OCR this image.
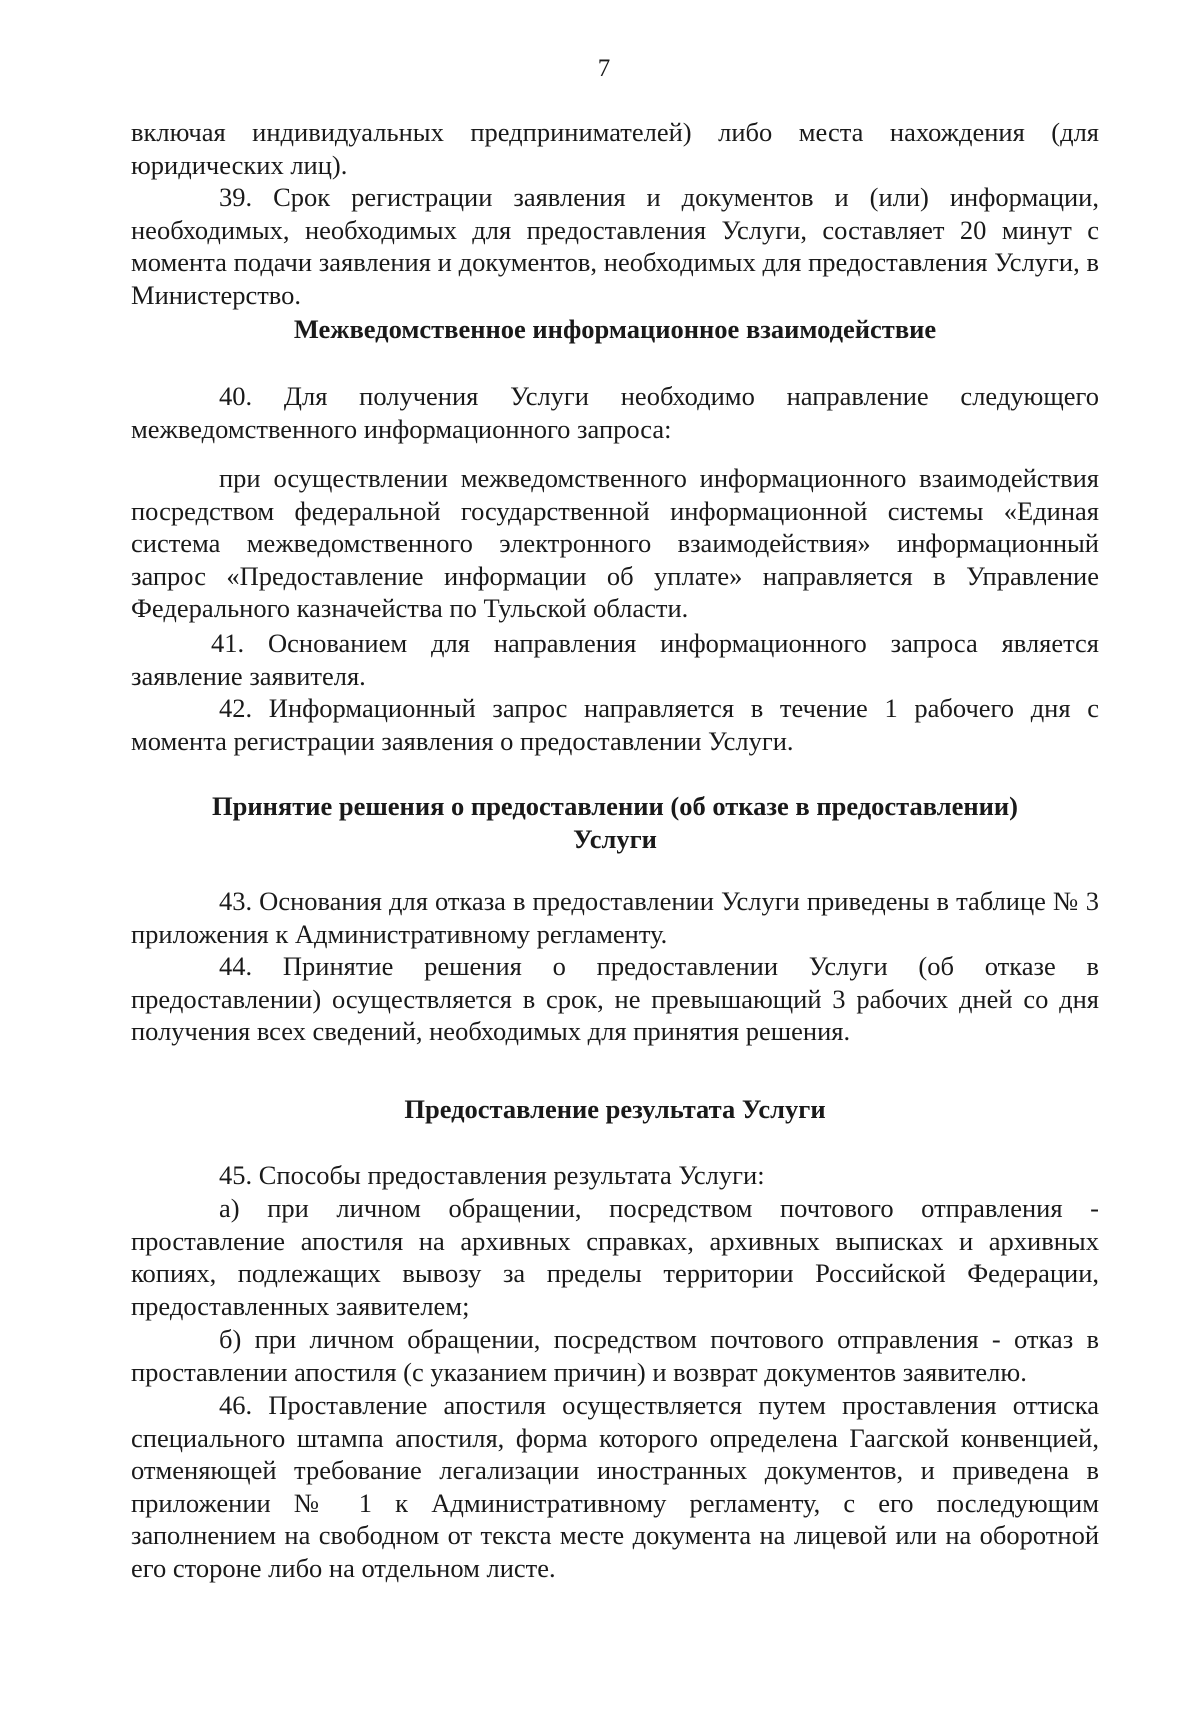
7

включая индивидуальных предпринимателей) либо места нахождения (для юридических лиц).

39. Срок регистрации заявления и документов и (или) информации, необходимых, необходимых для предоставления Услуги, составляет 20 минут с момента подачи заявления и документов, необходимых для предоставления Услуги, в Министерство.

Межведомственное информационное взаимодействие

40. Для получения Услуги необходимо направление следующего межведомственного информационного запроса:

при осуществлении межведомственного информационного взаимодействия посредством федеральной государственной информационной системы «Единая система межведомственного электронного взаимодействия» информационный запрос «Предоставление информации об уплате» направляется в Управление Федерального казначейства по Тульской области.

41. Основанием для направления информационного запроса является заявление заявителя.

42. Информационный запрос направляется в течение 1 рабочего дня с момента регистрации заявления о предоставлении Услуги.

Принятие решения о предоставлении (об отказе в предоставлении)

Услуги

43. Основания для отказа в предоставлении Услуги приведены в таблице № 3 приложения к Административному регламенту.

44. Принятие решения о предоставлении Услуги (об отказе в предоставлении) осуществляется в срок, не превышающий 3 рабочих дней со дня получения всех сведений, необходимых для принятия решения.

Предоставление результата Услуги

45. Способы предоставления результата Услуги:

а) при личном обращении, посредством почтового отправления - проставление апостиля на архивных справках, архивных выписках и архивных копиях, подлежащих вывозу за пределы территории Российской Федерации, предоставленных заявителем;

б) при личном обращении, посредством почтового отправления - отказ в проставлении апостиля (с указанием причин) и возврат документов заявителю.

46. Проставление апостиля осуществляется путем проставления оттиска специального штампа апостиля, форма которого определена Гаагской конвенцией, отменяющей требование легализации иностранных документов, и приведена в приложении № 1 к Административному регламенту, с его последующим заполнением на свободном от текста месте документа на лицевой или на оборотной его стороне либо на отдельном листе.
